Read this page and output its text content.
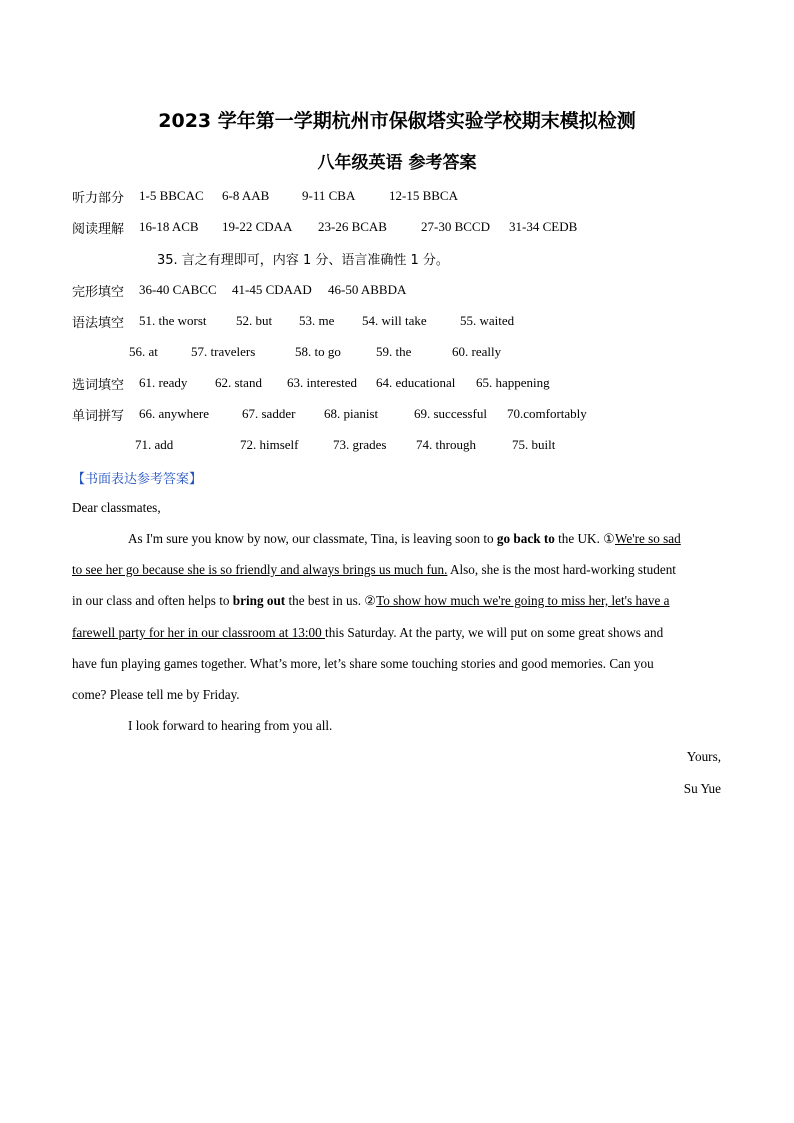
2023 学年第一学期杭州市保俶塔实验学校期末模拟检测
八年级英语 参考答案
听力部分 1-5 BBCAC 6-8 AAB	9-11 CBA	12-15 BBCA
阅读理解 16-18 ACB 19-22 CDAA 23-26 BCAB	27-30 BCCD 31-34 CEDB
35. 言之有理即可，内容 1 分、语言准确性 1 分。
完形填空 36-40 CABCC 41-45 CDAAD 46-50 ABBDA
语法填空 51. the worst 52. but 53. me 54. will take	55. waited
56. at	57. travelers	58. to go	59. the	60. really
选词填空 61. ready 62. stand 63. interested 64. educational 65. happening
单词拼写 66. anywhere	67. sadder 68. pianist	69. successful 70.comfortably
71. add	72. himself	73. grades 74. through	75. built
【书面表达参考答案】
Dear classmates,
As I'm sure you know by now, our classmate, Tina, is leaving soon to go back to the UK. ①We're so sad
to see her go because she is so friendly and always brings us much fun. Also, she is the most hard-working student
in our class and often helps to bring out the best in us. ②To show how much we're going to miss her, let's have a
farewell party for her in our classroom at 13:00 this Saturday. At the party, we will put on some great shows and
have fun playing games together. What’s more, let’s share some touching stories and good memories. Can you
come? Please tell me by Friday.
I look forward to hearing from you all.
Yours,
Su Yue
